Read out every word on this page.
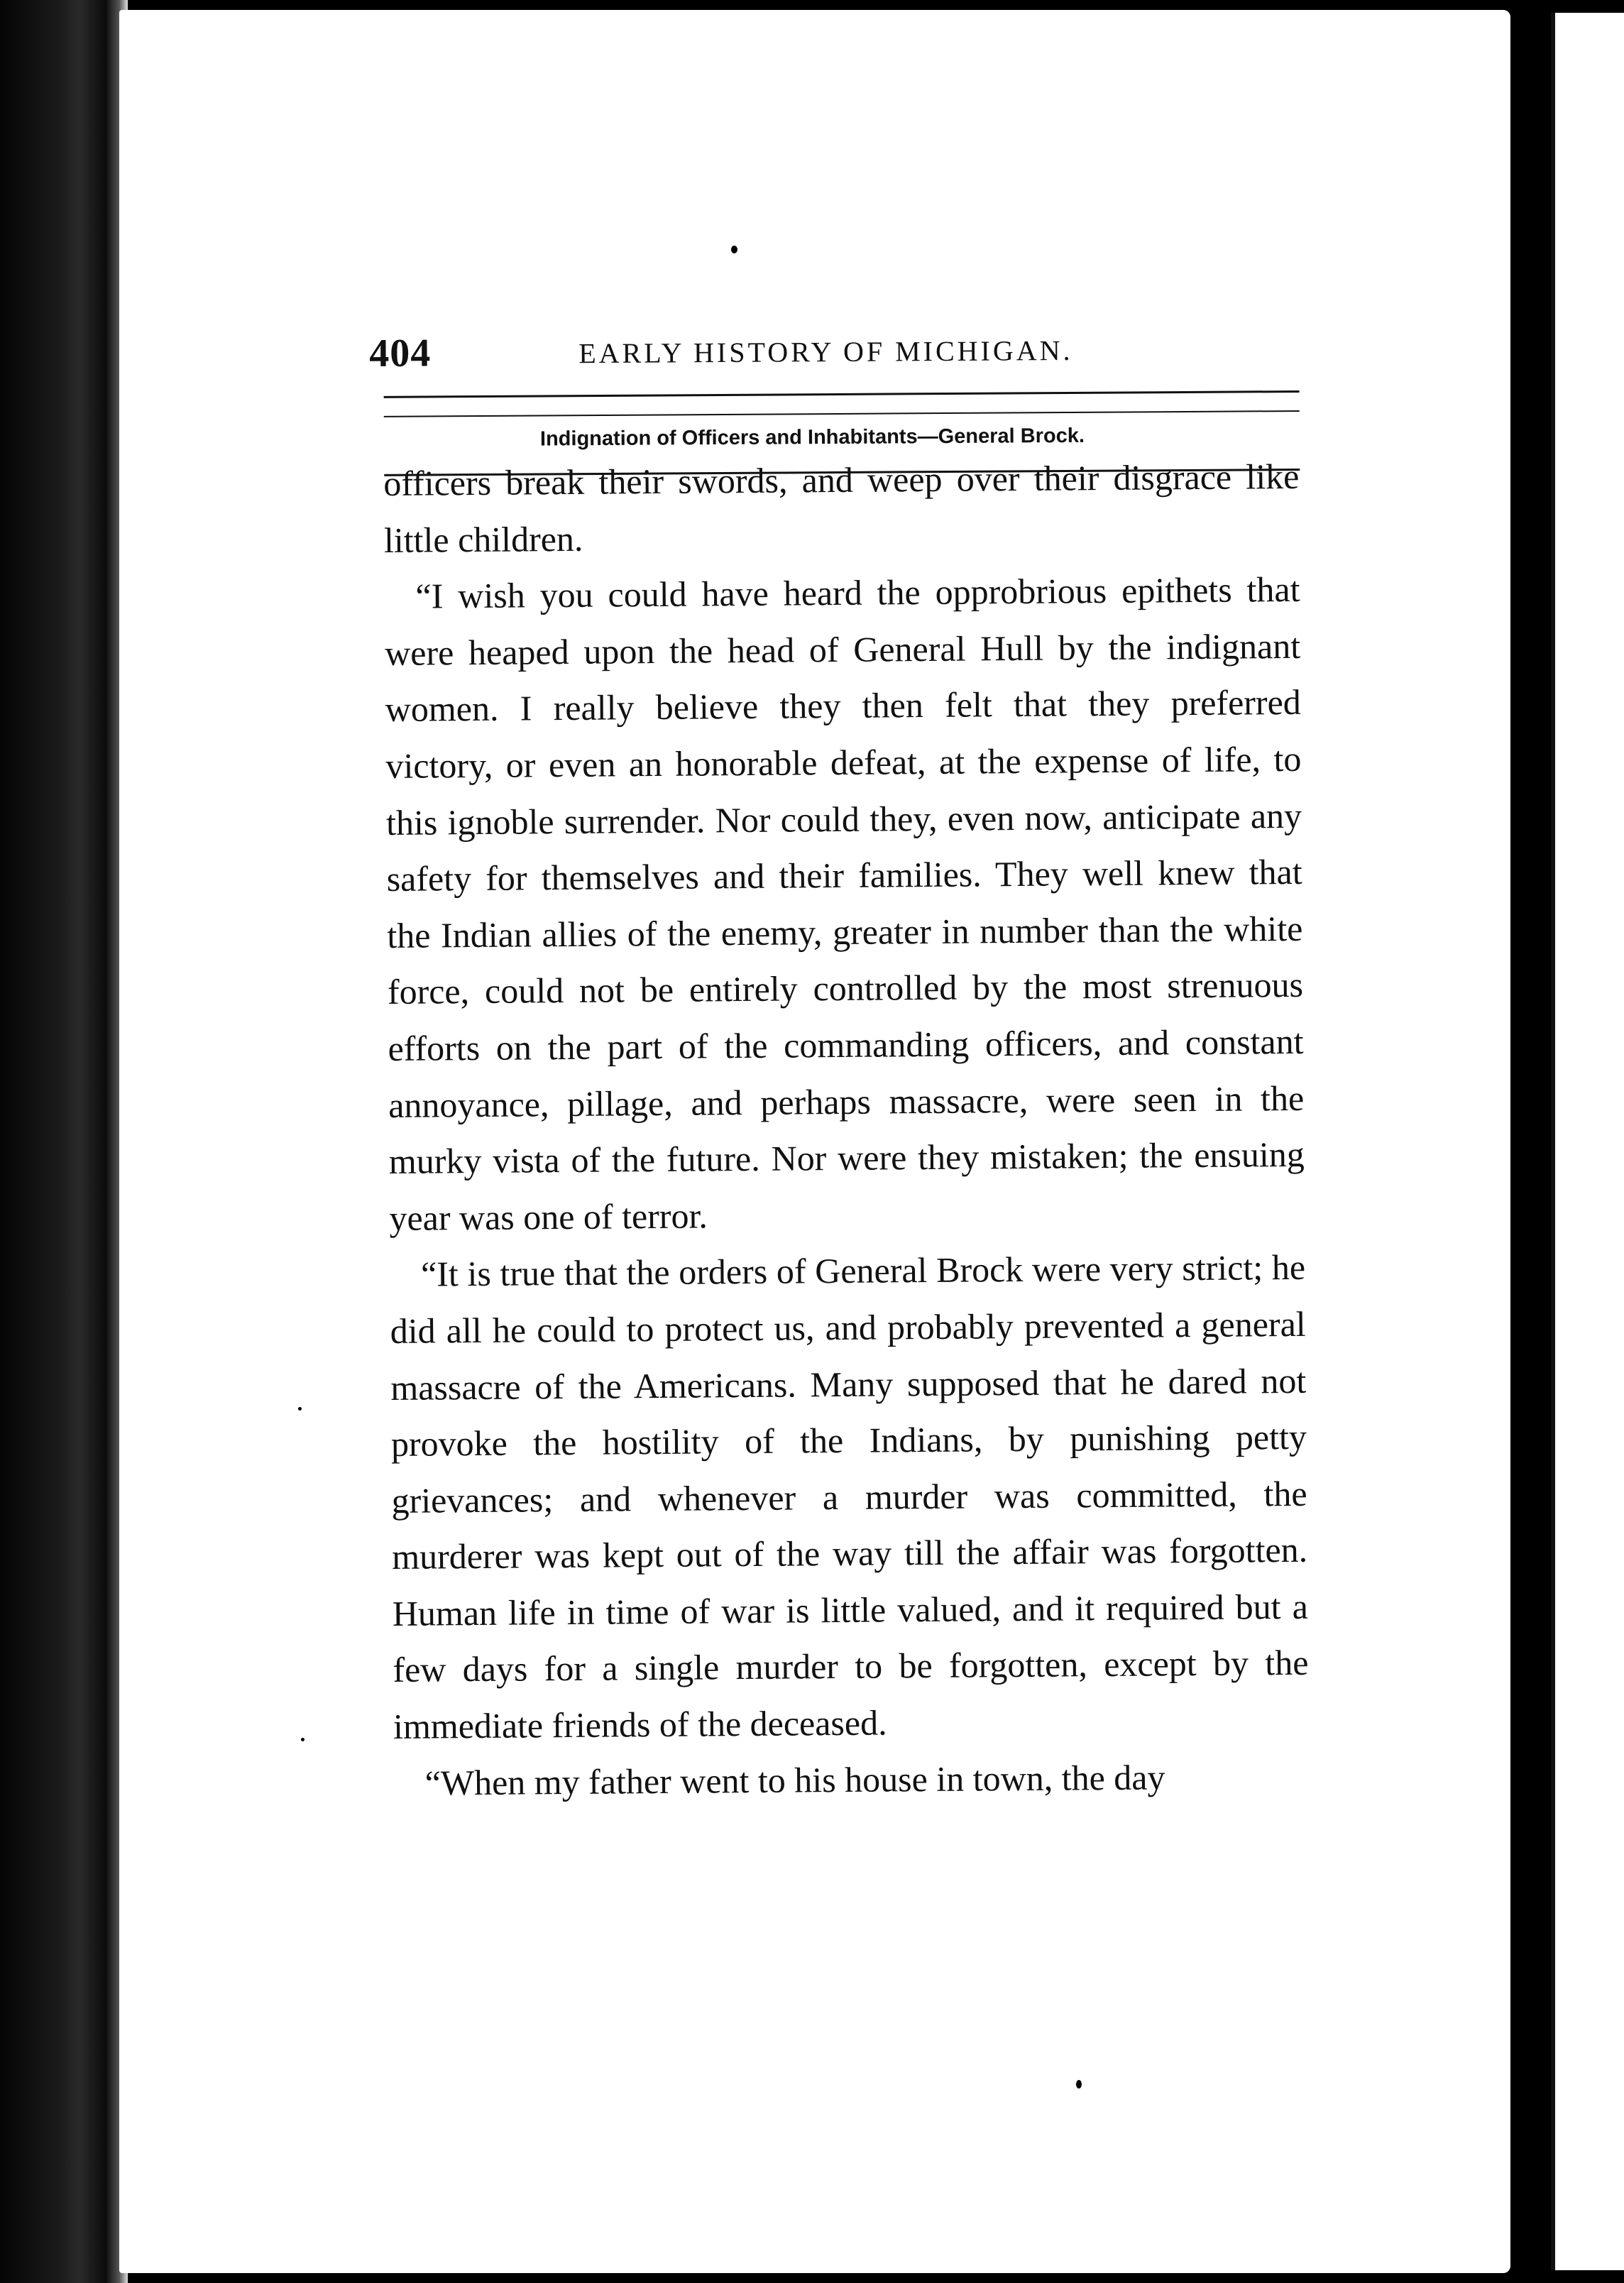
404	EARLY HISTORY OF MICHIGAN.
Indignation of Officers and Inhabitants—General Brock.

officers break their swords, and weep over their disgrace like little children.

“I wish you could have heard the opprobrious epithets that were heaped upon the head of General Hull by the indignant women. I really believe they then felt that they preferred victory, or even an honorable defeat, at the expense of life, to this ignoble surrender. Nor could they, even now, anticipate any safety for themselves and their families. They well knew that the Indian allies of the enemy, greater in number than the white force, could not be entirely controlled by the most strenuous efforts on the part of the commanding officers, and constant annoyance, pillage, and perhaps massacre, were seen in the murky vista of the future. Nor were they mistaken; the ensuing year was one of terror.

“It is true that the orders of General Brock were very strict; he did all he could to protect us, and probably prevented a general massacre of the Americans. Many supposed that he dared not provoke the hostility of the Indians, by punishing petty grievances; and whenever a murder was committed, the murderer was kept out of the way till the affair was forgotten. Human life in time of war is little valued, and it required but a few days for a single murder to be forgotten, except by the immediate friends of the deceased.

“When my father went to his house in town, the day
